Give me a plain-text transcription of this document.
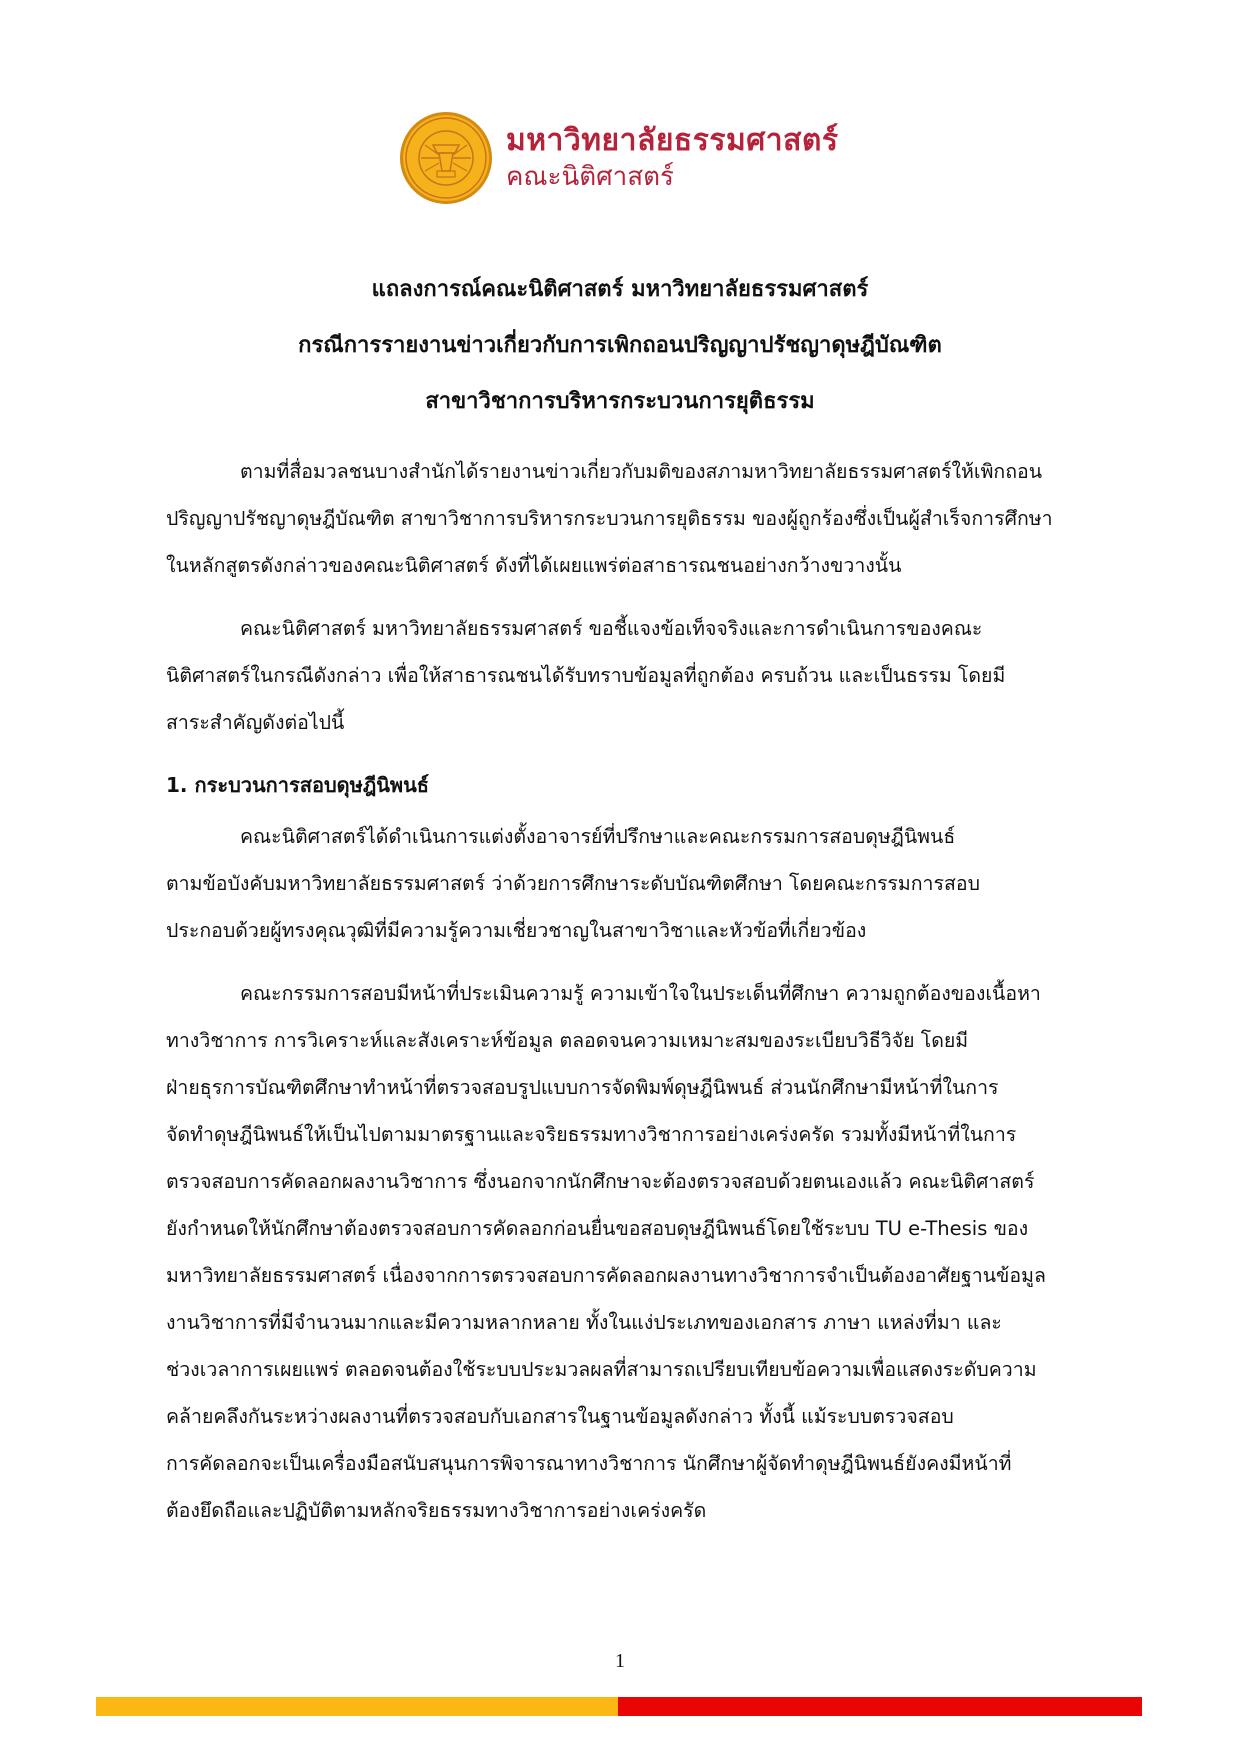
มหาวิทยาลัยธรรมศาสตร์
คณะนิติศาสตร์
แถลงการณ์คณะนิติศาสตร์ มหาวิทยาลัยธรรมศาสตร์
กรณีการรายงานข่าวเกี่ยวกับการเพิกถอนปริญญาปรัชญาดุษฎีบัณฑิต
สาขาวิชาการบริหารกระบวนการยุติธรรม
ตามที่สื่อมวลชนบางสำนักได้รายงานข่าวเกี่ยวกับมติของสภามหาวิทยาลัยธรรมศาสตร์ให้เพิกถอน
ปริญญาปรัชญาดุษฎีบัณฑิต สาขาวิชาการบริหารกระบวนการยุติธรรม ของผู้ถูกร้องซึ่งเป็นผู้สำเร็จการศึกษา
ในหลักสูตรดังกล่าวของคณะนิติศาสตร์ ดังที่ได้เผยแพร่ต่อสาธารณชนอย่างกว้างขวางนั้น
คณะนิติศาสตร์ มหาวิทยาลัยธรรมศาสตร์ ขอชี้แจงข้อเท็จจริงและการดำเนินการของคณะ
นิติศาสตร์ในกรณีดังกล่าว เพื่อให้สาธารณชนได้รับทราบข้อมูลที่ถูกต้อง ครบถ้วน และเป็นธรรม โดยมี
สาระสำคัญดังต่อไปนี้
1. กระบวนการสอบดุษฎีนิพนธ์
คณะนิติศาสตร์ได้ดำเนินการแต่งตั้งอาจารย์ที่ปรึกษาและคณะกรรมการสอบดุษฎีนิพนธ์
ตามข้อบังคับมหาวิทยาลัยธรรมศาสตร์ ว่าด้วยการศึกษาระดับบัณฑิตศึกษา โดยคณะกรรมการสอบ
ประกอบด้วยผู้ทรงคุณวุฒิที่มีความรู้ความเชี่ยวชาญในสาขาวิชาและหัวข้อที่เกี่ยวข้อง
คณะกรรมการสอบมีหน้าที่ประเมินความรู้ ความเข้าใจในประเด็นที่ศึกษา ความถูกต้องของเนื้อหา
ทางวิชาการ การวิเคราะห์และสังเคราะห์ข้อมูล ตลอดจนความเหมาะสมของระเบียบวิธีวิจัย โดยมี
ฝ่ายธุรการบัณฑิตศึกษาทำหน้าที่ตรวจสอบรูปแบบการจัดพิมพ์ดุษฎีนิพนธ์ ส่วนนักศึกษามีหน้าที่ในการ
จัดทำดุษฎีนิพนธ์ให้เป็นไปตามมาตรฐานและจริยธรรมทางวิชาการอย่างเคร่งครัด รวมทั้งมีหน้าที่ในการ
ตรวจสอบการคัดลอกผลงานวิชาการ ซึ่งนอกจากนักศึกษาจะต้องตรวจสอบด้วยตนเองแล้ว คณะนิติศาสตร์
ยังกำหนดให้นักศึกษาต้องตรวจสอบการคัดลอกก่อนยื่นขอสอบดุษฎีนิพนธ์โดยใช้ระบบ TU e-Thesis ของ
มหาวิทยาลัยธรรมศาสตร์ เนื่องจากการตรวจสอบการคัดลอกผลงานทางวิชาการจำเป็นต้องอาศัยฐานข้อมูล
งานวิชาการที่มีจำนวนมากและมีความหลากหลาย ทั้งในแง่ประเภทของเอกสาร ภาษา แหล่งที่มา และ
ช่วงเวลาการเผยแพร่ ตลอดจนต้องใช้ระบบประมวลผลที่สามารถเปรียบเทียบข้อความเพื่อแสดงระดับความ
คล้ายคลึงกันระหว่างผลงานที่ตรวจสอบกับเอกสารในฐานข้อมูลดังกล่าว ทั้งนี้ แม้ระบบตรวจสอบ
การคัดลอกจะเป็นเครื่องมือสนับสนุนการพิจารณาทางวิชาการ นักศึกษาผู้จัดทำดุษฎีนิพนธ์ยังคงมีหน้าที่
ต้องยึดถือและปฏิบัติตามหลักจริยธรรมทางวิชาการอย่างเคร่งครัด
1
